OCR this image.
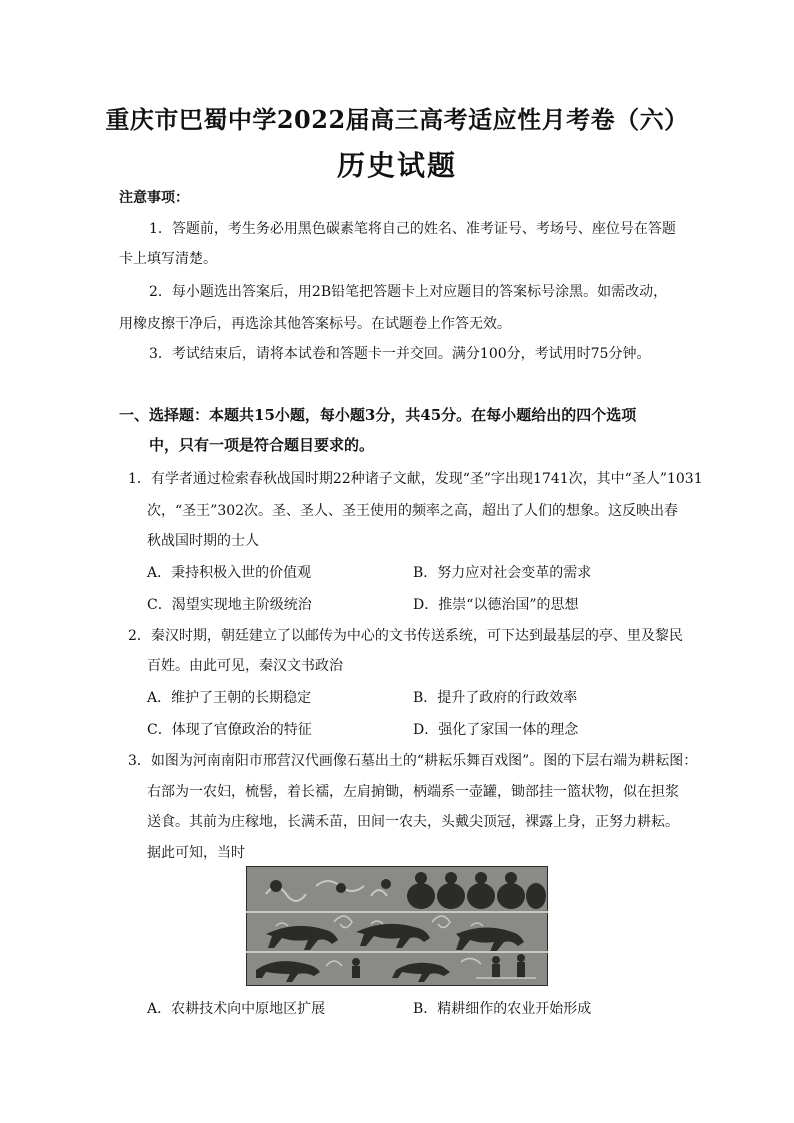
重庆市巴蜀中学2022届高三高考适应性月考卷（六）
历史试题
注意事项：
1．答题前，考生务必用黑色碳素笔将自己的姓名、准考证号、考场号、座位号在答题
卡上填写清楚。
2．每小题选出答案后，用2B铅笔把答题卡上对应题目的答案标号涂黑。如需改动，
用橡皮擦干净后，再选涂其他答案标号。在试题卷上作答无效。
3．考试结束后，请将本试卷和答题卡一并交回。满分100分，考试用时75分钟。
一、选择题：本题共15小题，每小题3分，共45分。在每小题给出的四个选项
中，只有一项是符合题目要求的。
1．有学者通过检索春秋战国时期22种诸子文献，发现“圣”字出现1741次，其中“圣人”1031
次，“圣王”302次。圣、圣人、圣王使用的频率之高，超出了人们的想象。这反映出春
秋战国时期的士人
A．秉持积极入世的价值观	B．努力应对社会变革的需求
C．渴望实现地主阶级统治	D．推崇“以德治国”的思想
2．秦汉时期，朝廷建立了以邮传为中心的文书传送系统，可下达到最基层的亭、里及黎民
百姓。由此可见，秦汉文书政治
A．维护了王朝的长期稳定	B．提升了政府的行政效率
C．体现了官僚政治的特征	D．强化了家国一体的理念
3．如图为河南南阳市邢营汉代画像石墓出土的“耕耘乐舞百戏图”。图的下层右端为耕耘图：
右部为一农妇，梳髻，着长襦，左肩掮锄，柄端系一壶罐，锄部挂一篮状物，似在担浆
送食。其前为庄稼地，长满禾苗，田间一农夫，头戴尖顶冠，裸露上身，正努力耕耘。
据此可知，当时
A．农耕技术向中原地区扩展	B．精耕细作的农业开始形成
